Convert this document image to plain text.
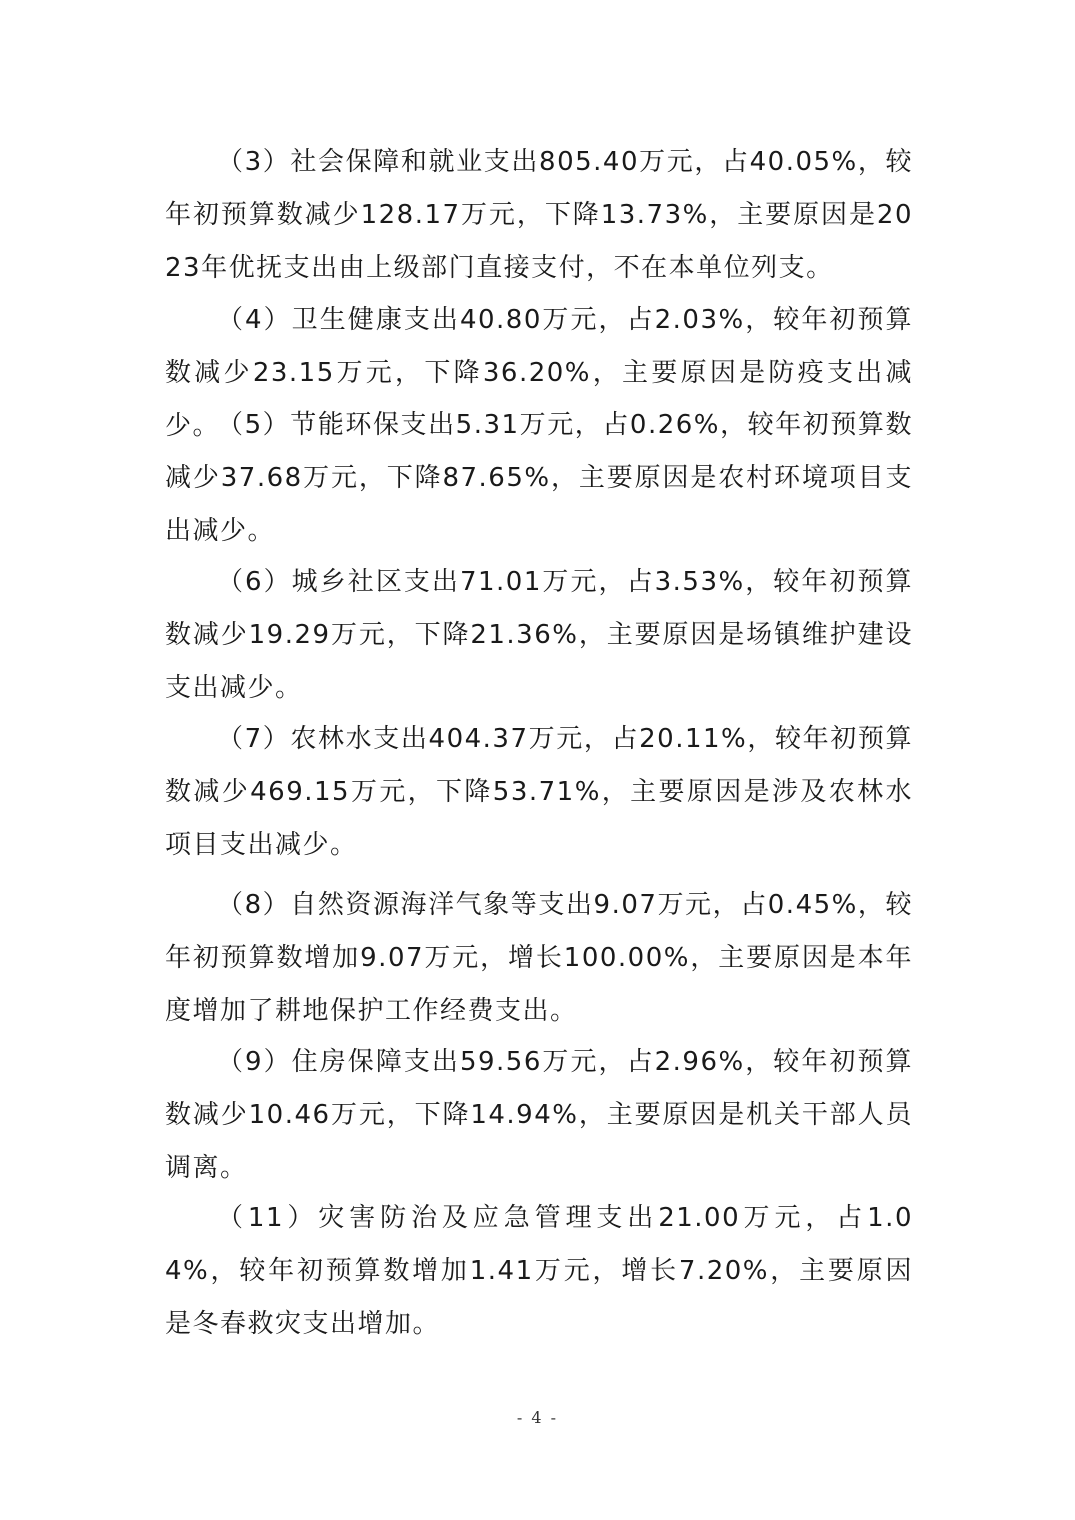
（3）社会保障和就业支出805.40万元，占40.05%，较年初预算数减少128.17万元，下降13.73%，主要原因是2023年优抚支出由上级部门直接支付，不在本单位列支。

（4）卫生健康支出40.80万元，占2.03%，较年初预算数减少23.15万元，下降36.20%，主要原因是防疫支出减少。

（5）节能环保支出5.31万元，占0.26%，较年初预算数减少37.68万元，下降87.65%，主要原因是农村环境项目支出减少。

（6）城乡社区支出71.01万元，占3.53%，较年初预算数减少19.29万元，下降21.36%，主要原因是场镇维护建设支出减少。

（7）农林水支出404.37万元，占20.11%，较年初预算数减少469.15万元，下降53.71%，主要原因是涉及农林水项目支出减少。

（8）自然资源海洋气象等支出9.07万元，占0.45%，较年初预算数增加9.07万元，增长100.00%，主要原因是本年度增加了耕地保护工作经费支出。

（9）住房保障支出59.56万元，占2.96%，较年初预算数减少10.46万元，下降14.94%，主要原因是机关干部人员调离。

（11）灾害防治及应急管理支出21.00万元，占1.04%，较年初预算数增加1.41万元，增长7.20%，主要原因是冬春救灾支出增加。

- 4 -
